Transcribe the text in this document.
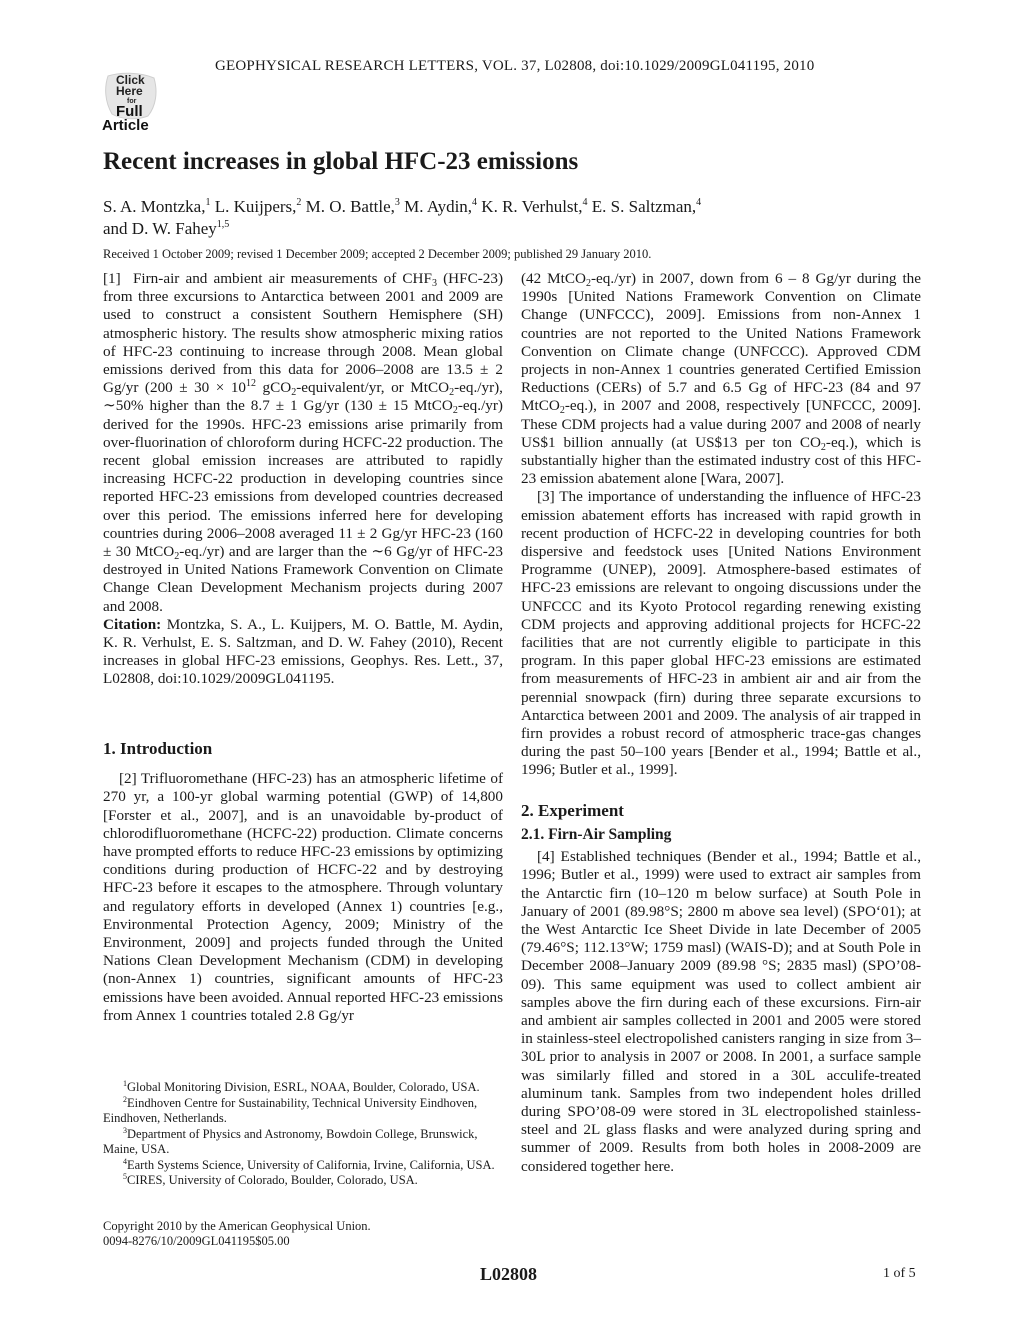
Click
Here
for
Full
Article
GEOPHYSICAL RESEARCH LETTERS, VOL. 37, L02808, doi:10.1029/2009GL041195, 2010
Recent increases in global HFC-23 emissions
S. A. Montzka,$^1$ L. Kuijpers,$^2$ M. O. Battle,$^3$ M. Aydin,$^4$ K. R. Verhulst,$^4$ E. S. Saltzman,$^4$
and D. W. Fahey$^{1,5}$
Received 1 October 2009; revised 1 December 2009; accepted 2 December 2009; published 29 January 2010.

[1] Firn-air and ambient air measurements of $CHF_3$ (HFC-23) from three excursions to Antarctica between 2001 and 2009 are used to construct a consistent Southern Hemisphere (SH) atmospheric history. The results show atmospheric mixing ratios of HFC-23 continuing to increase through 2008. Mean global emissions derived from this data for 2006–2008 are 13.5 ± 2 Gg/yr ($200 \pm 30 \times 10^{12}$ gCO$_2$-equivalent/yr, or MtCO$_2$-eq./yr), ∼50% higher than the 8.7 ± 1 Gg/yr (130 ± 15 MtCO$_2$-eq./yr) derived for the 1990s. HFC-23 emissions arise primarily from over-fluorination of chloroform during HCFC-22 production. The recent global emission increases are attributed to rapidly increasing HCFC-22 production in developing countries since reported HFC-23 emissions from developed countries decreased over this period. The emissions inferred here for developing countries during 2006–2008 averaged 11 ± 2 Gg/yr HFC-23 (160 ± 30 MtCO$_2$-eq./yr) and are larger than the ∼6 Gg/yr of HFC-23 destroyed in United Nations Framework Convention on Climate Change Clean Development Mechanism projects during 2007 and 2008.

Citation: Montzka, S. A., L. Kuijpers, M. O. Battle, M. Aydin, K. R. Verhulst, E. S. Saltzman, and D. W. Fahey (2010), Recent increases in global HFC-23 emissions, Geophys. Res. Lett., 37, L02808, doi:10.1029/2009GL041195.

1. Introduction

[2] Trifluoromethane (HFC-23) has an atmospheric lifetime of 270 yr, a 100-yr global warming potential (GWP) of 14,800 [Forster et al., 2007], and is an unavoidable by-product of chlorodifluoromethane (HCFC-22) production. Climate concerns have prompted efforts to reduce HFC-23 emissions by optimizing conditions during production of HCFC-22 and by destroying HFC-23 before it escapes to the atmosphere. Through voluntary and regulatory efforts in developed (Annex 1) countries [e.g., Environmental Protection Agency, 2009; Ministry of the Environment, 2009] and projects funded through the United Nations Clean Development Mechanism (CDM) in developing (non-Annex 1) countries, significant amounts of HFC-23 emissions have been avoided. Annual reported HFC-23 emissions from Annex 1 countries totaled 2.8 Gg/yr

$^1$Global Monitoring Division, ESRL, NOAA, Boulder, Colorado, USA.

$^2$Eindhoven Centre for Sustainability, Technical University Eindhoven, Eindhoven, Netherlands.

$^3$Department of Physics and Astronomy, Bowdoin College, Brunswick, Maine, USA.

$^4$Earth Systems Science, University of California, Irvine, California, USA.

$^5$CIRES, University of Colorado, Boulder, Colorado, USA.

Copyright 2010 by the American Geophysical Union.
0094-8276/10/2009GL041195$05.00

(42 MtCO$_2$-eq./yr) in 2007, down from 6 – 8 Gg/yr during the 1990s [United Nations Framework Convention on Climate Change (UNFCCC), 2009]. Emissions from non-Annex 1 countries are not reported to the United Nations Framework Convention on Climate change (UNFCCC). Approved CDM projects in non-Annex 1 countries generated Certified Emission Reductions (CERs) of 5.7 and 6.5 Gg of HFC-23 (84 and 97 MtCO$_2$-eq.), in 2007 and 2008, respectively [UNFCCC, 2009]. These CDM projects had a value during 2007 and 2008 of nearly US$1 billion annually (at US$13 per ton $CO_2-eq$.), which is substantially higher than the estimated industry cost of this HFC-23 emission abatement alone [Wara, 2007].

[3] The importance of understanding the influence of HFC-23 emission abatement efforts has increased with rapid growth in recent production of HCFC-22 in developing countries for both dispersive and feedstock uses [United Nations Environment Programme (UNEP), 2009]. Atmosphere-based estimates of HFC-23 emissions are relevant to ongoing discussions under the UNFCCC and its Kyoto Protocol regarding renewing existing CDM projects and approving additional projects for HCFC-22 facilities that are not currently eligible to participate in this program. In this paper global HFC-23 emissions are estimated from measurements of HFC-23 in ambient air and air from the perennial snowpack (firn) during three separate excursions to Antarctica between 2001 and 2009. The analysis of air trapped in firn provides a robust record of atmospheric trace-gas changes during the past 50–100 years [Bender et al., 1994; Battle et al., 1996; Butler et al., 1999].

2. Experiment
2.1. Firn-Air Sampling

[4] Established techniques (Bender et al., 1994; Battle et al., 1996; Butler et al., 1999) were used to extract air samples from the Antarctic firn (10–120 m below surface) at South Pole in January of 2001 (89.98°S; 2800 m above sea level) (SPO‘01); at the West Antarctic Ice Sheet Divide in late December of 2005 (79.46°S; 112.13°W; 1759 masl) (WAIS-D); and at South Pole in December 2008–January 2009 (89.98 °S; 2835 masl) (SPO’08-09). This same equipment was used to collect ambient air samples above the firn during each of these excursions. Firn-air and ambient air samples collected in 2001 and 2005 were stored in stainless-steel electropolished canisters ranging in size from 3–30L prior to analysis in 2007 or 2008. In 2001, a surface sample was similarly filled and stored in a 30L acculife-treated aluminum tank. Samples from two independent holes drilled during SPO’08-09 were stored in 3L electropolished stainless-steel and 2L glass flasks and were analyzed during spring and summer of 2009. Results from both holes in 2008-2009 are considered together here.

L02808	1 of 5
